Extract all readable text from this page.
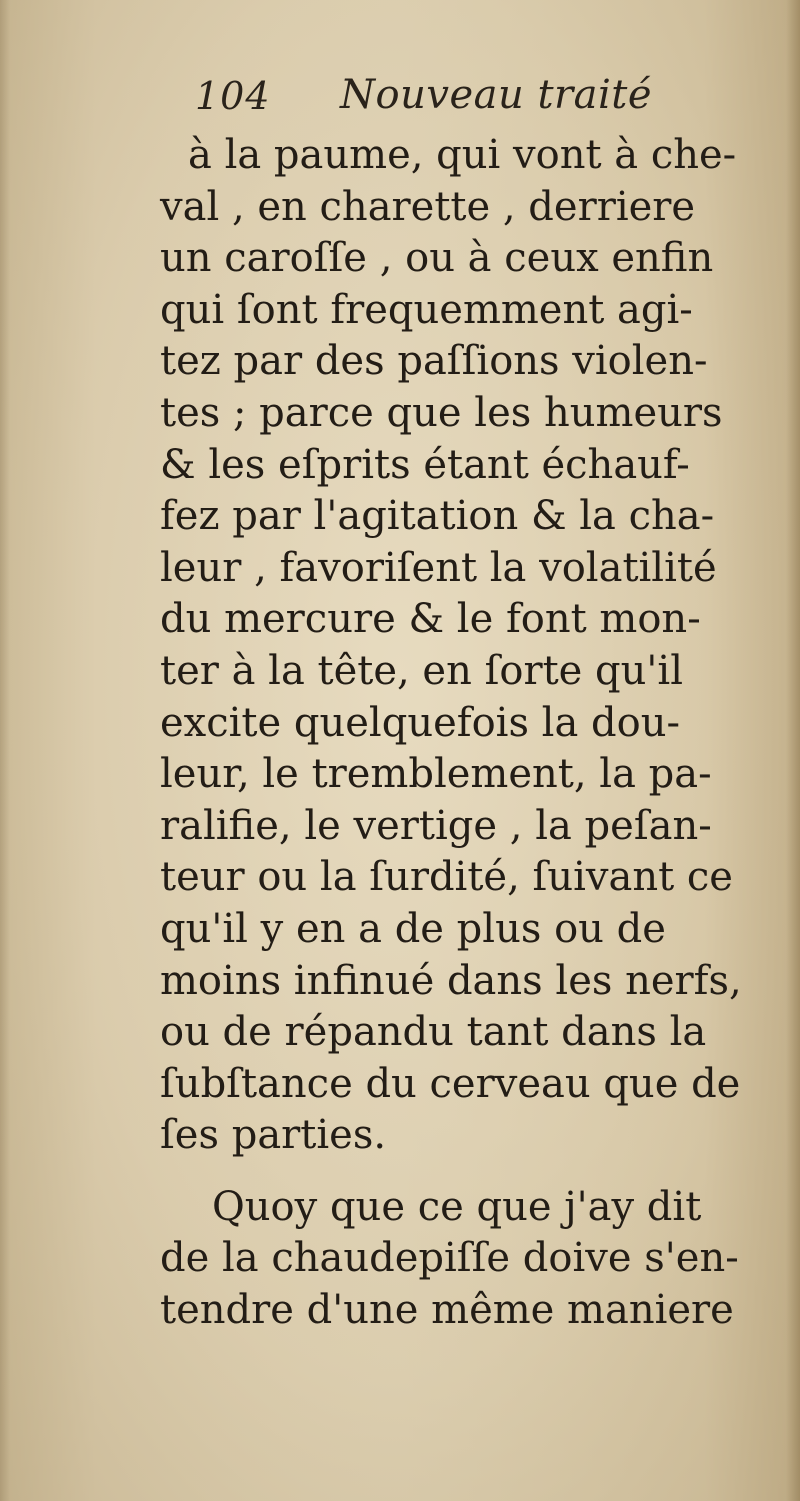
104 Nouveau traité
à la paume, qui vont à che-
val , en charette , derriere
un caroſſe , ou à ceux enfin
qui ſont frequemment agi-
tez par des paſſions violen-
tes ; parce que les humeurs
& les eſprits étant échauf-
fez par l'agitation & la cha-
leur , favoriſent la volatilité
du mercure & le font mon-
ter à la tête, en ſorte qu'il
excite quelquefois la dou-
leur, le tremblement, la pa-
ralifie, le vertige , la peſan-
teur ou la ſurdité, ſuivant ce
qu'il y en a de plus ou de
moins infinué dans les nerfs,
ou de répandu tant dans la
ſubſtance du cerveau que de
ſes parties.
Quoy que ce que j'ay dit
de la chaudepiſſe doive s'en-
tendre d'une même maniere
